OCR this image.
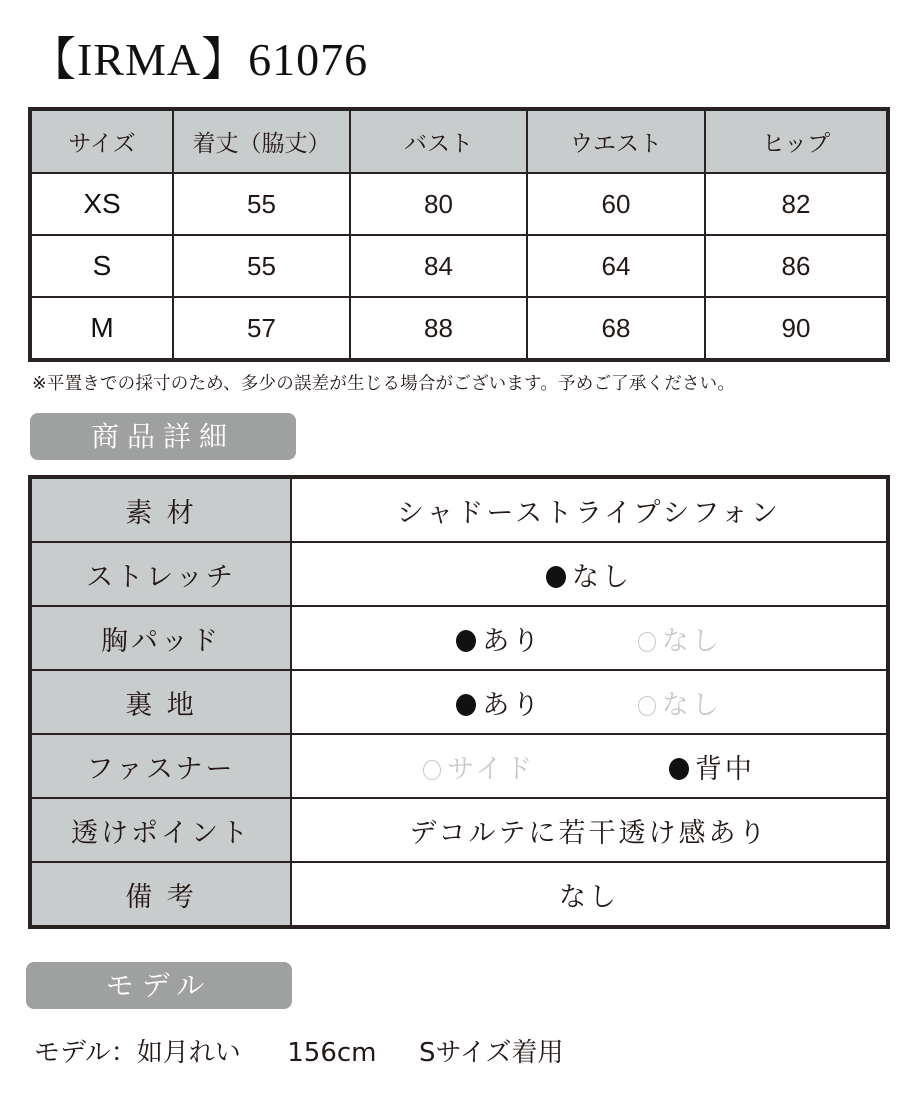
【IRMA】61076
サイズ	着丈（脇丈）	バスト	ウエスト	ヒップ
XS	55	80	60	82
S	55	84	64	86
M	57	88	68	90
※平置きでの採寸のため、多少の誤差が生じる場合がございます。予めご了承ください。
商品詳細
素 材	シャドーストライプシフォン
ストレッチ	なし
胸パッド	あり なし
裏 地	あり なし
ファスナー	サイド 背中
透けポイント	デコルテに若干透け感あり
備 考	なし
モデル
モデル：如月れい 156cm Sサイズ着用
